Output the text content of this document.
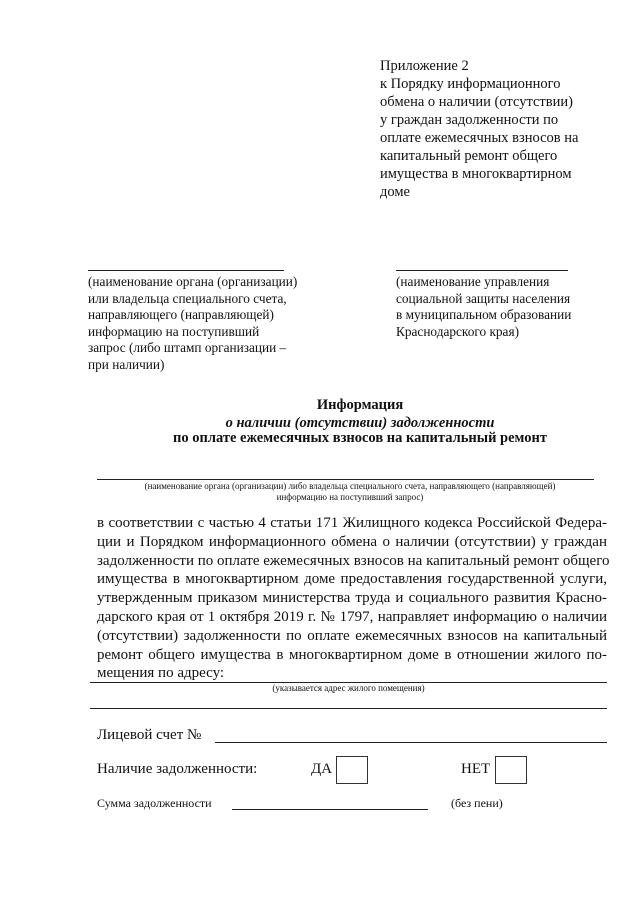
Приложение 2
к Порядку информационного
обмена о наличии (отсутствии)
у граждан задолженности по
оплате ежемесячных взносов на
капитальный ремонт общего
имущества в многоквартирном
доме
(наименование органа (организации)
или владельца специального счета,
направляющего (направляющей)
информацию на поступивший
запрос (либо штамп организации –
при наличии)
(наименование управления
социальной защиты населения
в муниципальном образовании
Краснодарского края)
Информация
о наличии (отсутствии) задолженности
по оплате ежемесячных взносов на капитальный ремонт
(наименование органа (организации) либо владельца специального счета, направляющего (направляющей)
информацию на поступивший запрос)
в соответствии с частью 4 статьи 171 Жилищного кодекса Российской Федера-
ции и Порядком информационного обмена о наличии (отсутствии) у граждан
задолженности по оплате ежемесячных взносов на капитальный ремонт общего
имущества в многоквартирном доме предоставления государственной услуги,
утвержденным приказом министерства труда и социального развития Красно-
дарского края от 1 октября 2019 г. № 1797, направляет информацию о наличии
(отсутствии) задолженности по оплате ежемесячных взносов на капитальный
ремонт общего имущества в многоквартирном доме в отношении жилого по-
мещения по адресу:
(указывается адрес жилого помещения)
Лицевой счет №
Наличие задолженности:	ДА	НЕТ
Сумма задолженности	(без пени)
